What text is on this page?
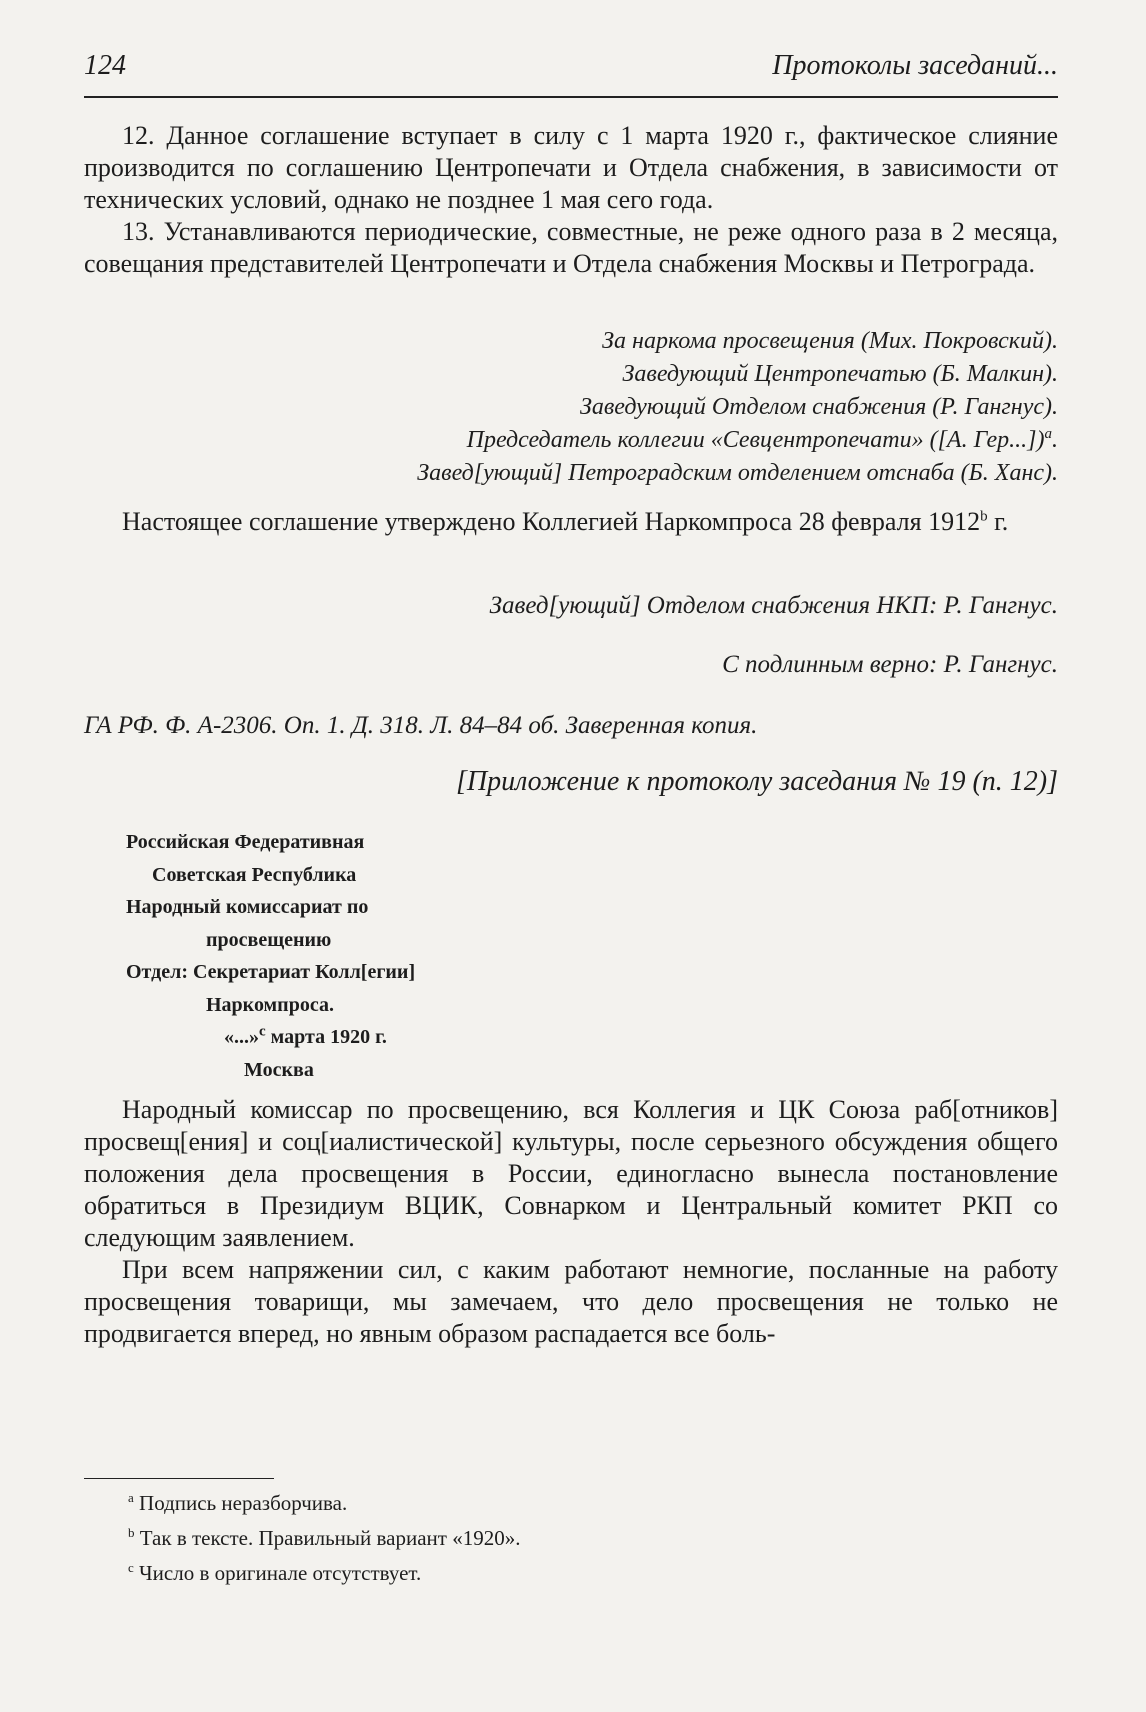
124	Протоколы заседаний...

12. Данное соглашение вступает в силу с 1 марта 1920 г., фактическое слияние производится по соглашению Центропечати и Отдела снабжения, в зависимости от технических условий, однако не позднее 1 мая сего года.

13. Устанавливаются периодические, совместные, не реже одного раза в 2 месяца, совещания представителей Центропечати и Отдела снабжения Москвы и Петрограда.

За наркома просвещения (Мих. Покровский).
Заведующий Центропечатью (Б. Малкин).
Заведующий Отделом снабжения (Р. Гангнус).
Председатель коллегии «Севцентропечати» ([А. Гер...])$^a$.
Завед[ующий] Петроградским отделением отснаба (Б. Ханс).

Настоящее соглашение утверждено Коллегией Наркомпроса 28 февраля 1912$^b$ г.

Завед[ующий] Отделом снабжения НКП: Р. Гангнус.
С подлинным верно: Р. Гангнус.
ГА РФ. Ф. А-2306. Оп. 1. Д. 318. Л. 84–84 об. Заверенная копия.
[Приложение к протоколу заседания № 19 (п. 12)]
Российская Федеративная
Советская Республика
Народный комиссариат по
просвещению
Отдел: Секретариат Колл[егии]
Наркомпроса.
«...»$^c$ марта 1920 г.
Москва

Народный комиссар по просвещению, вся Коллегия и ЦК Союза раб[отников] просвещ[ения] и соц[иалистической] культуры, после серьезного обсуждения общего положения дела просвещения в России, единогласно вынесла постановление обратиться в Президиум ВЦИК, Совнарком и Центральный комитет РКП со следующим заявлением.

При всем напряжении сил, с каким работают немногие, посланные на работу просвещения товарищи, мы замечаем, что дело просвещения не только не продвигается вперед, но явным образом распадается все боль-

$^a$ Подпись неразборчива.
$^b$ Так в тексте. Правильный вариант «1920».
$^c$ Число в оригинале отсутствует.
